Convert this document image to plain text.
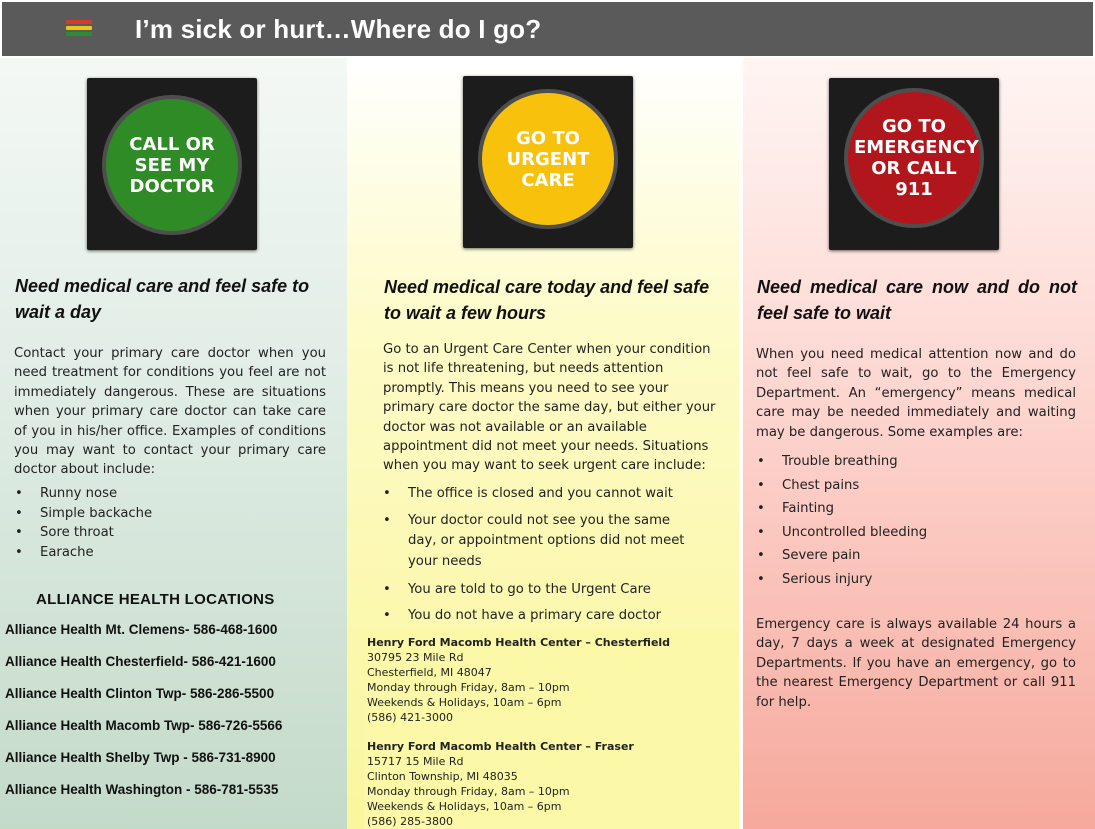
I’m sick or hurt…Where do I go?
CALL OR SEE MY DOCTOR
Need medical care and feel safe to wait a day
Contact your primary care doctor when you need treatment for conditions you feel are not immediately dangerous. These are situations when your primary care doctor can take care of you in his/her office. Examples of conditions you may want to contact your primary care doctor about include:
• Runny nose
• Simple backache
• Sore throat
• Earache
ALLIANCE HEALTH LOCATIONS
Alliance Health Mt. Clemens- 586-468-1600
Alliance Health Chesterfield- 586-421-1600
Alliance Health Clinton Twp- 586-286-5500
Alliance Health Macomb Twp- 586-726-5566
Alliance Health Shelby Twp - 586-731-8900
Alliance Health Washington - 586-781-5535
GO TO URGENT CARE
Need medical care today and feel safe to wait a few hours
Go to an Urgent Care Center when your condition is not life threatening, but needs attention promptly. This means you need to see your primary care doctor the same day, but either your doctor was not available or an available appointment did not meet your needs. Situations when you may want to seek urgent care include:
• The office is closed and you cannot wait
• Your doctor could not see you the same day, or appointment options did not meet your needs
• You are told to go to the Urgent Care
• You do not have a primary care doctor
Henry Ford Macomb Health Center – Chesterfield
30795 23 Mile Rd
Chesterfield, MI 48047
Monday through Friday, 8am – 10pm
Weekends & Holidays, 10am – 6pm
(586) 421-3000
Henry Ford Macomb Health Center – Fraser
15717 15 Mile Rd
Clinton Township, MI 48035
Monday through Friday, 8am – 10pm
Weekends & Holidays, 10am – 6pm
(586) 285-3800
GO TO EMERGENCY OR CALL 911
Need medical care now and do not feel safe to wait
When you need medical attention now and do not feel safe to wait, go to the Emergency Department. An “emergency” means medical care may be needed immediately and waiting may be dangerous. Some examples are:
• Trouble breathing
• Chest pains
• Fainting
• Uncontrolled bleeding
• Severe pain
• Serious injury
Emergency care is always available 24 hours a day, 7 days a week at designated Emergency Departments. If you have an emergency, go to the nearest Emergency Department or call 911 for help.
